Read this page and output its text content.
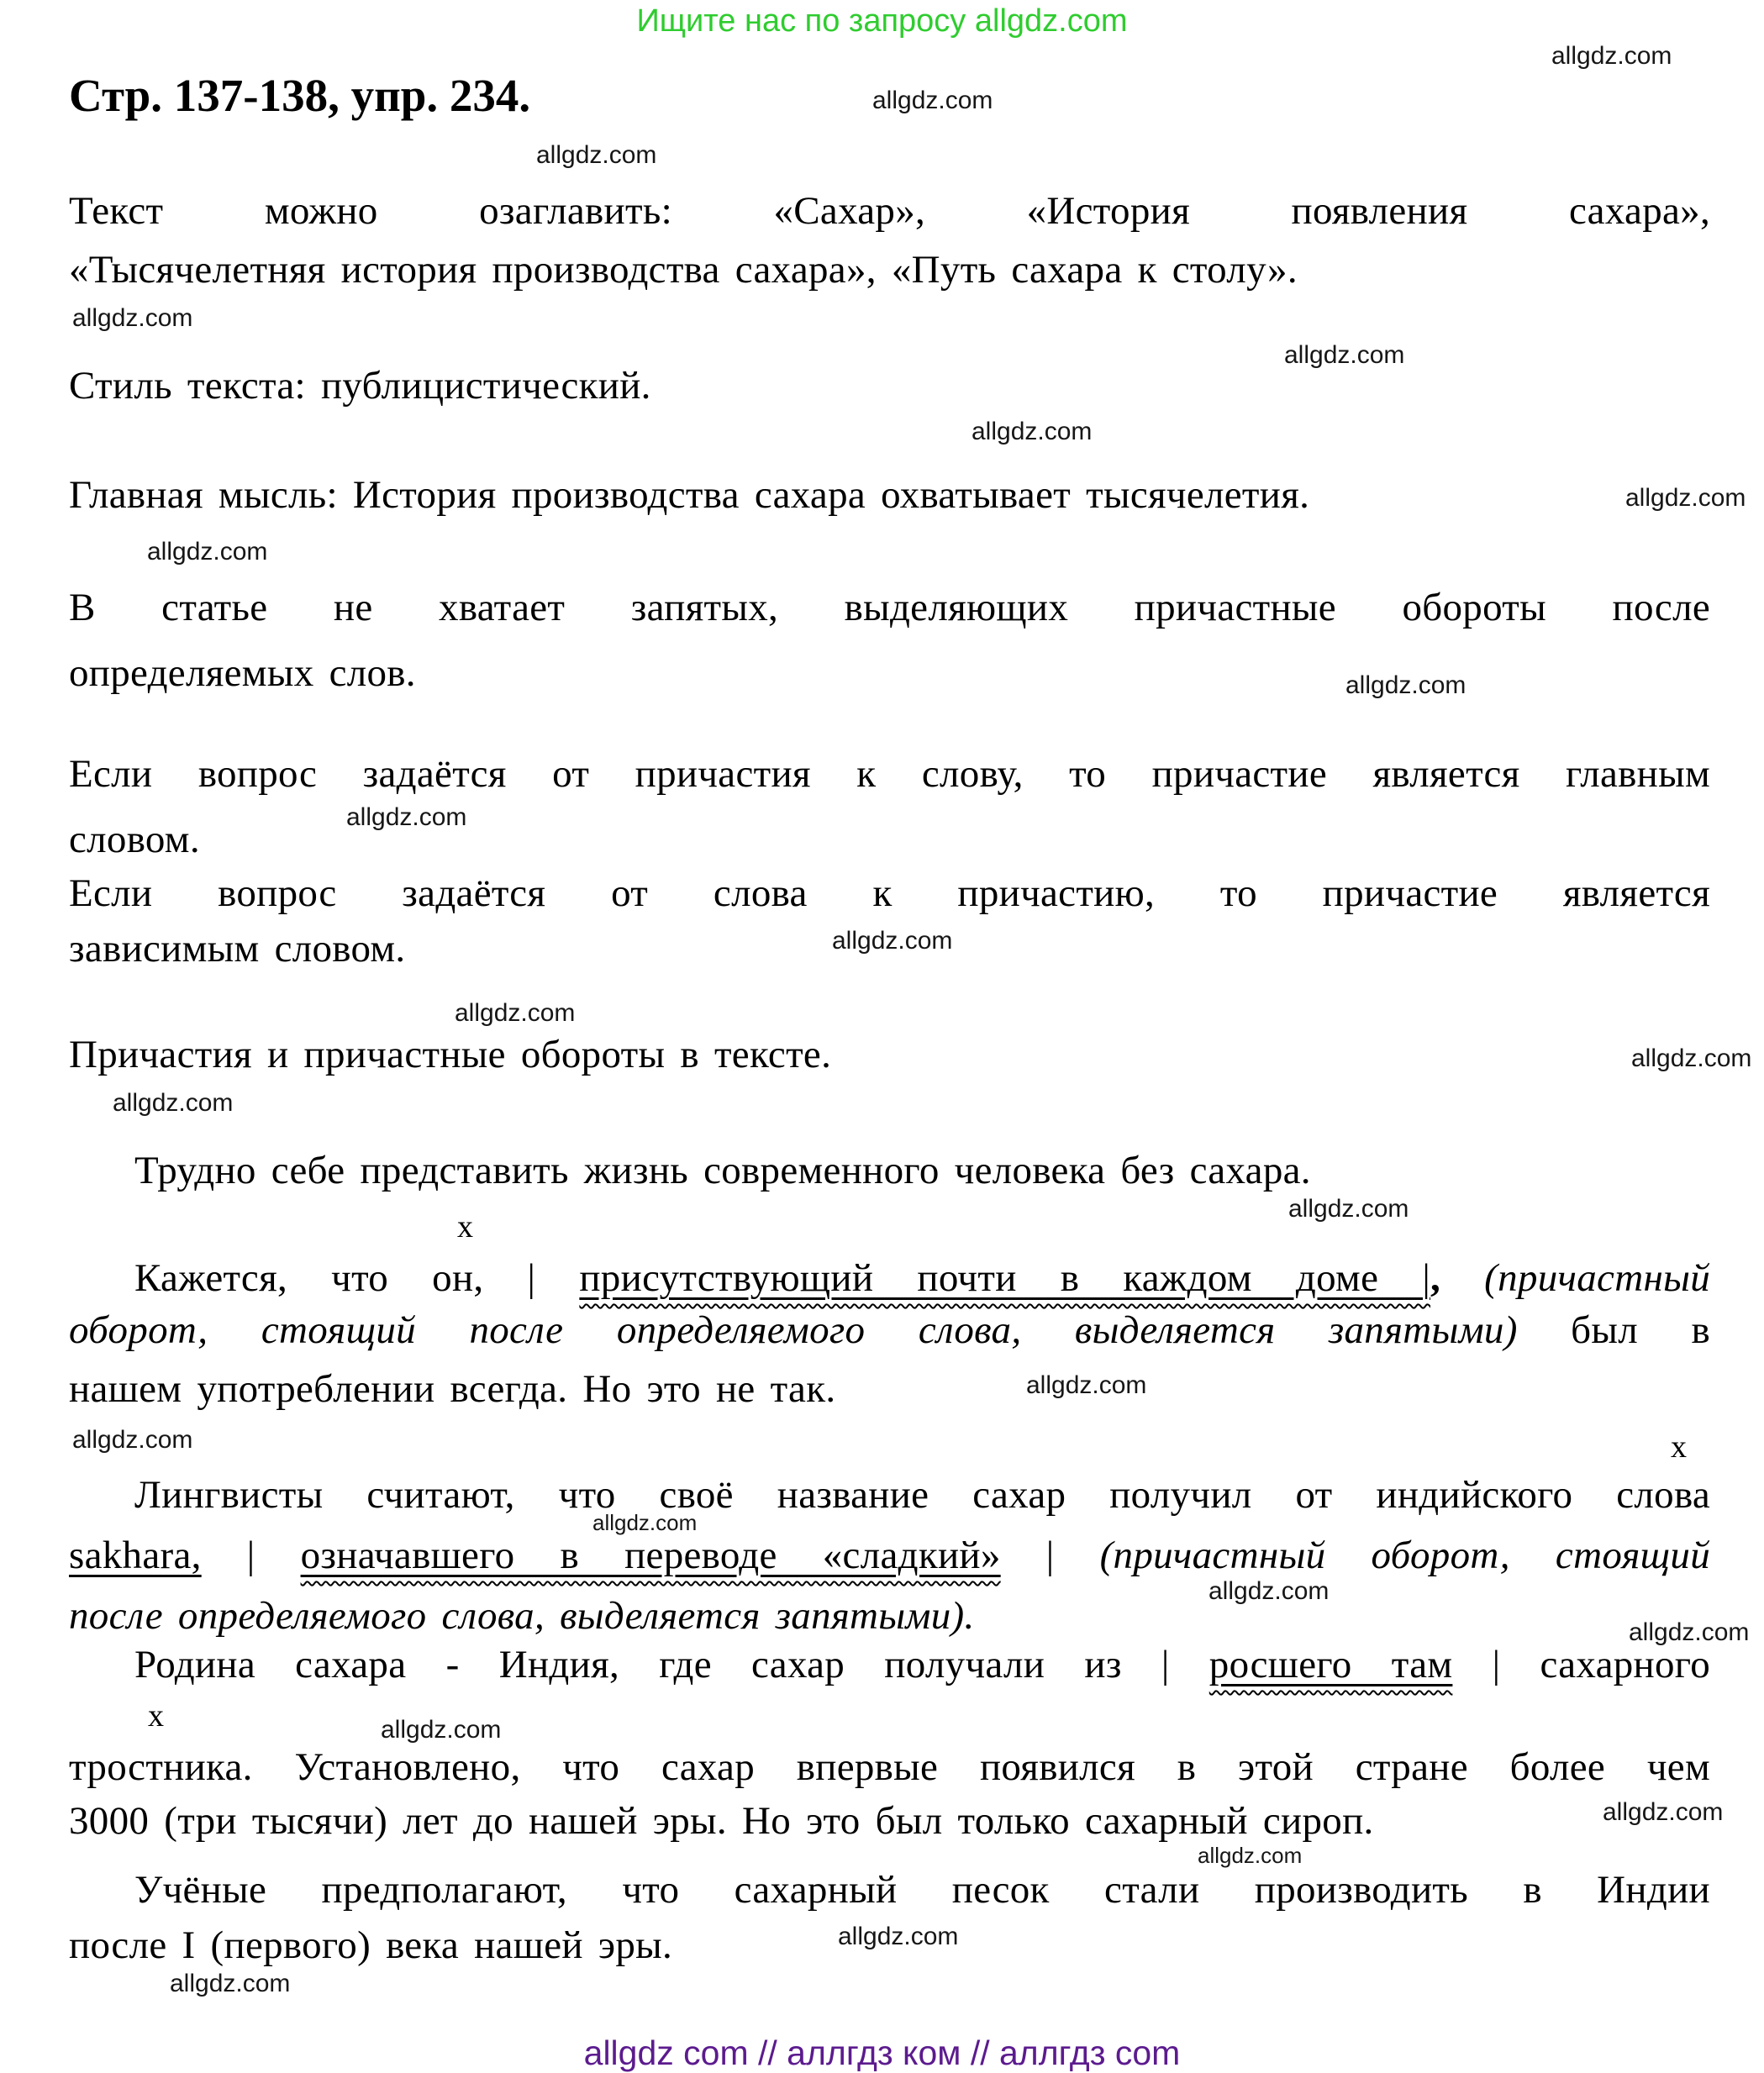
Ищите нас по запросу allgdz.com
Стр. 137-138, упр. 234.
allgdz.com
allgdz.com
allgdz.com
allgdz.com
allgdz.com
allgdz.com
allgdz.com
allgdz.com
allgdz.com
allgdz.com
allgdz.com
allgdz.com
allgdz.com
allgdz.com
allgdz.com
allgdz.com
allgdz.com
allgdz.com
allgdz.com
allgdz.com
allgdz.com
allgdz.com
allgdz.com
allgdz.com
allgdz.com
Текст можно озаглавить: «Сахар», «История появления сахара»,
«Тысячелетняя история производства сахара», «Путь сахара к столу».
Стиль текста: публицистический.
Главная мысль: История производства сахара охватывает тысячелетия.
В статье не хватает запятых, выделяющих причастные обороты после
определяемых слов.
Если вопрос задаётся от причастия к слову, то причастие является главным
словом.
Если вопрос задаётся от слова к причастию, то причастие является
зависимым словом.
Причастия и причастные обороты в тексте.
Трудно себе представить жизнь современного человека без сахара.
х
Кажется, что он, | присутствующий почти в каждом доме |, (причастный
оборот, стоящий после определяемого слова, выделяется запятыми) был в
нашем употреблении всегда. Но это не так.
х
Лингвисты считают, что своё название сахар получил от индийского слова
sakhara, | означавшего в переводе «сладкий» | (причастный оборот, стоящий
после определяемого слова, выделяется запятыми).
Родина сахара - Индия, где сахар получали из | росшего там | сахарного
х
тростника. Установлено, что сахар впервые появился в этой стране более чем
3000 (три тысячи) лет до нашей эры. Но это был только сахарный сироп.
Учёные предполагают, что сахарный песок стали производить в Индии
после I (первого) века нашей эры.
allgdz com // аллгдз ком // аллгдз com
